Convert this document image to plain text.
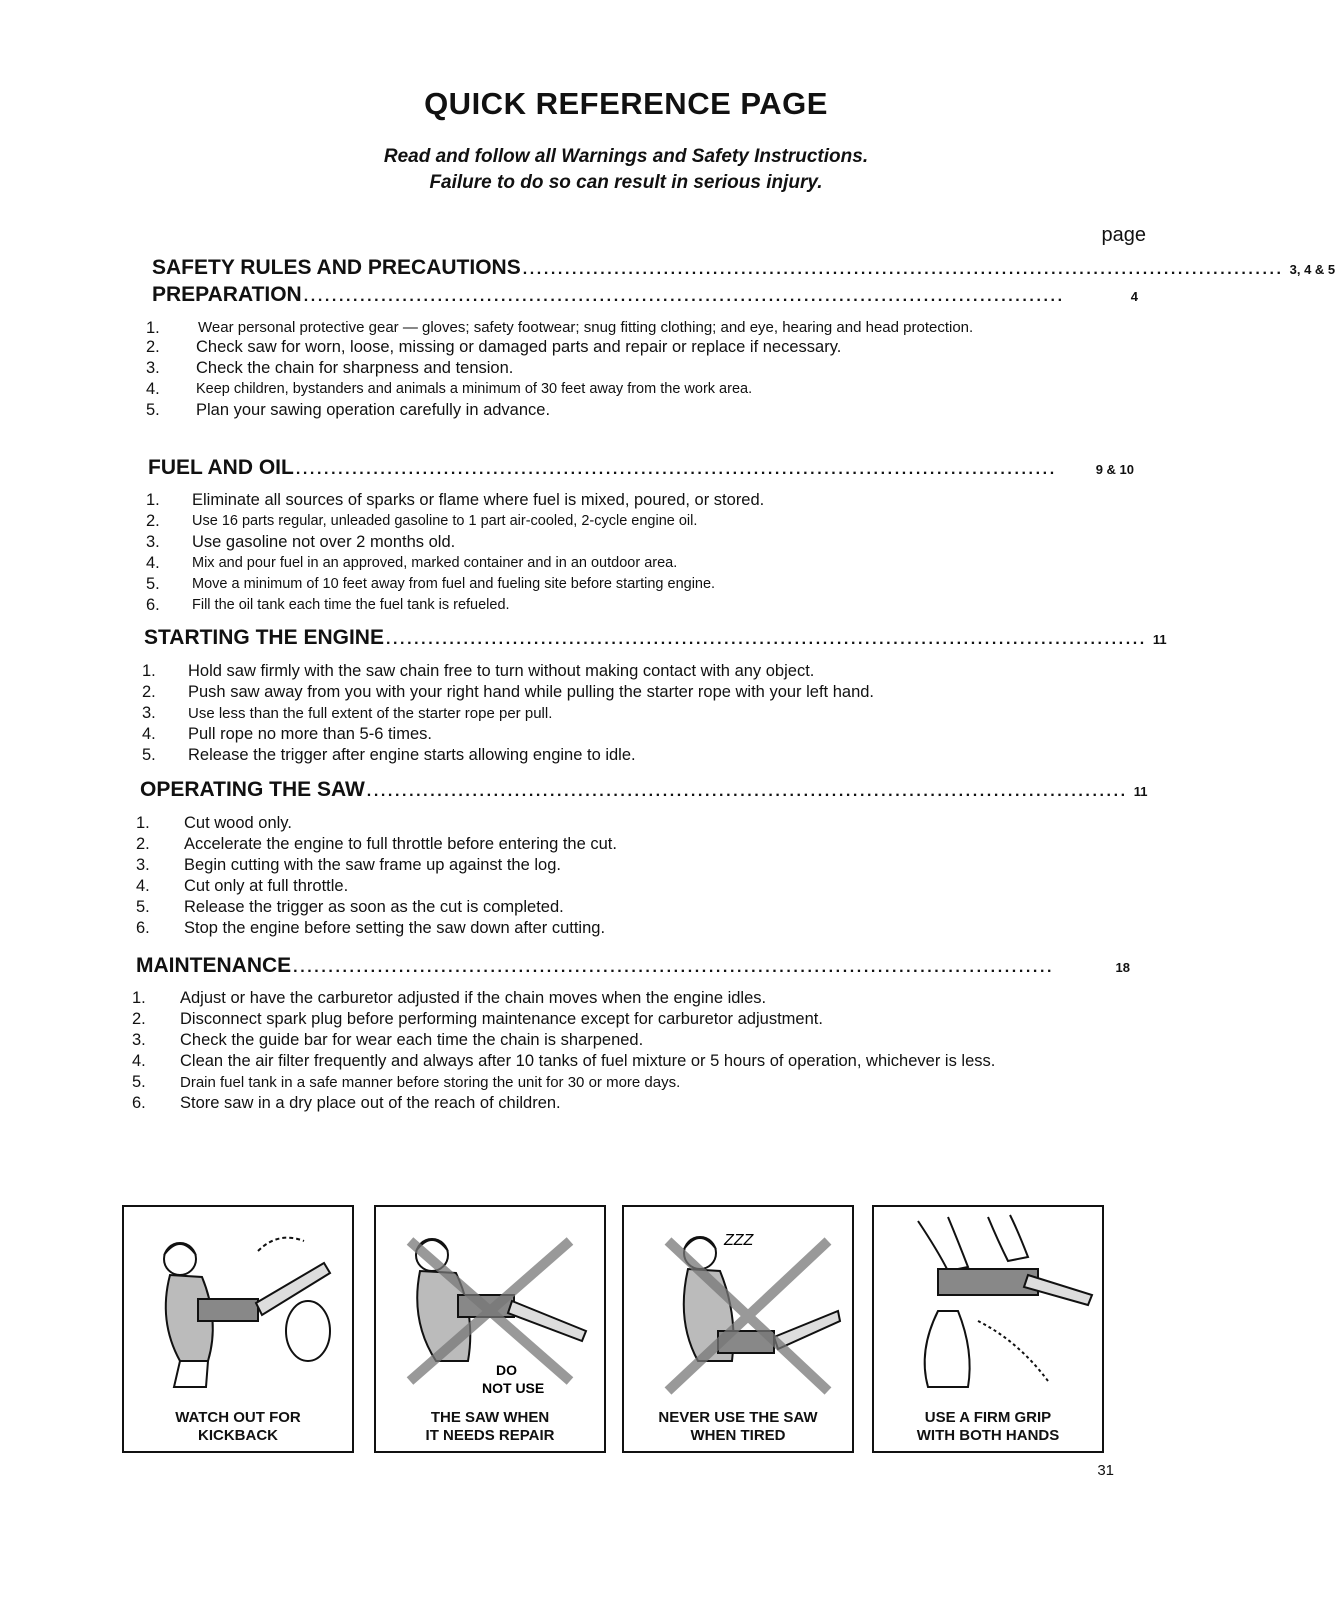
QUICK REFERENCE PAGE
Read and follow all Warnings and Safety Instructions.
Failure to do so can result in serious injury.
page
SAFETY RULES AND PRECAUTIONS ............................................................................................................ 3, 4 & 5
PREPARATION ............................................................................................................	4
1.	Wear personal protective gear — gloves; safety footwear; snug fitting clothing; and eye, hearing and head protection.
2.	Check saw for worn, loose, missing or damaged parts and repair or replace if necessary.
3.	Check the chain for sharpness and tension.
4.	Keep children, bystanders and animals a minimum of 30 feet away from the work area.
5.	Plan your sawing operation carefully in advance.
FUEL AND OIL ............................................................................................................	9 & 10
1.	Eliminate all sources of sparks or flame where fuel is mixed, poured, or stored.
2.	Use 16 parts regular, unleaded gasoline to 1 part air-cooled, 2-cycle engine oil.
3.	Use gasoline not over 2 months old.
4.	Mix and pour fuel in an approved, marked container and in an outdoor area.
5.	Move a minimum of 10 feet away from fuel and fueling site before starting engine.
6.	Fill the oil tank each time the fuel tank is refueled.
STARTING THE ENGINE ............................................................................................................ 11
1.	Hold saw firmly with the saw chain free to turn without making contact with any object.
2.	Push saw away from you with your right hand while pulling the starter rope with your left hand.
3.	Use less than the full extent of the starter rope per pull.
4.	Pull rope no more than 5-6 times.
5.	Release the trigger after engine starts allowing engine to idle.
OPERATING THE SAW ............................................................................................................ 11
1.	Cut wood only.
2.	Accelerate the engine to full throttle before entering the cut.
3.	Begin cutting with the saw frame up against the log.
4.	Cut only at full throttle.
5.	Release the trigger as soon as the cut is completed.
6.	Stop the engine before setting the saw down after cutting.
MAINTENANCE ............................................................................................................	18
1.	Adjust or have the carburetor adjusted if the chain moves when the engine idles.
2.	Disconnect spark plug before performing maintenance except for carburetor adjustment.
3.	Check the guide bar for wear each time the chain is sharpened.
4.	Clean the air filter frequently and always after 10 tanks of fuel mixture or 5 hours of operation, whichever is less.
5.	Drain fuel tank in a safe manner before storing the unit for 30 or more days.
6.	Store saw in a dry place out of the reach of children.
WATCH OUT FOR
KICKBACK
DO
NOT USE
THE SAW WHEN
IT NEEDS REPAIR
ZZZ
NEVER USE THE SAW
WHEN TIRED
USE A FIRM GRIP
WITH BOTH HANDS
31
